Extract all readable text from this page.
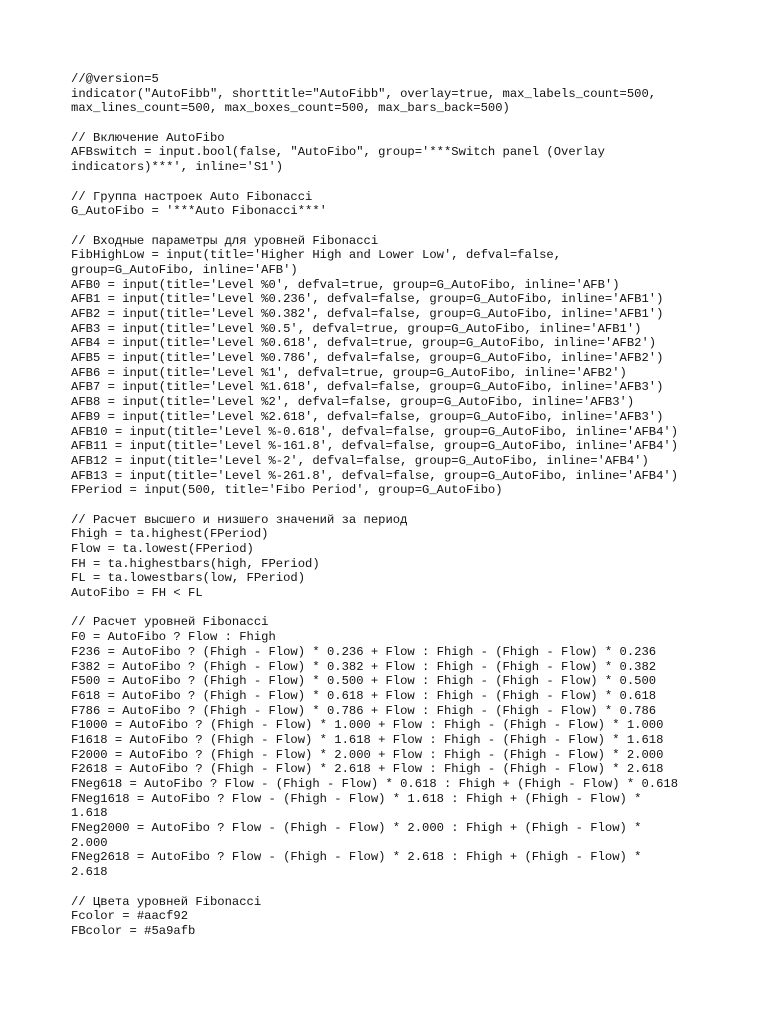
//@version=5
indicator("AutoFibb", shorttitle="AutoFibb", overlay=true, max_labels_count=500,
max_lines_count=500, max_boxes_count=500, max_bars_back=500)
// Включение AutoFibo
AFBswitch = input.bool(false, "AutoFibo", group='***Switch panel (Overlay
indicators)***', inline='S1')
// Группа настроек Auto Fibonacci
G_AutoFibo = '***Auto Fibonacci***'
// Входные параметры для уровней Fibonacci
FibHighLow = input(title='Higher High and Lower Low', defval=false,
group=G_AutoFibo, inline='AFB')
AFB0 = input(title='Level %0', defval=true, group=G_AutoFibo, inline='AFB')
AFB1 = input(title='Level %0.236', defval=false, group=G_AutoFibo, inline='AFB1')
AFB2 = input(title='Level %0.382', defval=false, group=G_AutoFibo, inline='AFB1')
AFB3 = input(title='Level %0.5', defval=true, group=G_AutoFibo, inline='AFB1')
AFB4 = input(title='Level %0.618', defval=true, group=G_AutoFibo, inline='AFB2')
AFB5 = input(title='Level %0.786', defval=false, group=G_AutoFibo, inline='AFB2')
AFB6 = input(title='Level %1', defval=true, group=G_AutoFibo, inline='AFB2')
AFB7 = input(title='Level %1.618', defval=false, group=G_AutoFibo, inline='AFB3')
AFB8 = input(title='Level %2', defval=false, group=G_AutoFibo, inline='AFB3')
AFB9 = input(title='Level %2.618', defval=false, group=G_AutoFibo, inline='AFB3')
AFB10 = input(title='Level %-0.618', defval=false, group=G_AutoFibo, inline='AFB4')
AFB11 = input(title='Level %-161.8', defval=false, group=G_AutoFibo, inline='AFB4')
AFB12 = input(title='Level %-2', defval=false, group=G_AutoFibo, inline='AFB4')
AFB13 = input(title='Level %-261.8', defval=false, group=G_AutoFibo, inline='AFB4')
FPeriod = input(500, title='Fibo Period', group=G_AutoFibo)
// Расчет высшего и низшего значений за период
Fhigh = ta.highest(FPeriod)
Flow = ta.lowest(FPeriod)
FH = ta.highestbars(high, FPeriod)
FL = ta.lowestbars(low, FPeriod)
AutoFibo = FH < FL
// Расчет уровней Fibonacci
F0 = AutoFibo ? Flow : Fhigh
F236 = AutoFibo ? (Fhigh - Flow) * 0.236 + Flow : Fhigh - (Fhigh - Flow) * 0.236
F382 = AutoFibo ? (Fhigh - Flow) * 0.382 + Flow : Fhigh - (Fhigh - Flow) * 0.382
F500 = AutoFibo ? (Fhigh - Flow) * 0.500 + Flow : Fhigh - (Fhigh - Flow) * 0.500
F618 = AutoFibo ? (Fhigh - Flow) * 0.618 + Flow : Fhigh - (Fhigh - Flow) * 0.618
F786 = AutoFibo ? (Fhigh - Flow) * 0.786 + Flow : Fhigh - (Fhigh - Flow) * 0.786
F1000 = AutoFibo ? (Fhigh - Flow) * 1.000 + Flow : Fhigh - (Fhigh - Flow) * 1.000
F1618 = AutoFibo ? (Fhigh - Flow) * 1.618 + Flow : Fhigh - (Fhigh - Flow) * 1.618
F2000 = AutoFibo ? (Fhigh - Flow) * 2.000 + Flow : Fhigh - (Fhigh - Flow) * 2.000
F2618 = AutoFibo ? (Fhigh - Flow) * 2.618 + Flow : Fhigh - (Fhigh - Flow) * 2.618
FNeg618 = AutoFibo ? Flow - (Fhigh - Flow) * 0.618 : Fhigh + (Fhigh - Flow) * 0.618
FNeg1618 = AutoFibo ? Flow - (Fhigh - Flow) * 1.618 : Fhigh + (Fhigh - Flow) *
1.618
FNeg2000 = AutoFibo ? Flow - (Fhigh - Flow) * 2.000 : Fhigh + (Fhigh - Flow) *
2.000
FNeg2618 = AutoFibo ? Flow - (Fhigh - Flow) * 2.618 : Fhigh + (Fhigh - Flow) *
2.618
// Цвета уровней Fibonacci
Fcolor = #aacf92
FBcolor = #5a9afb
